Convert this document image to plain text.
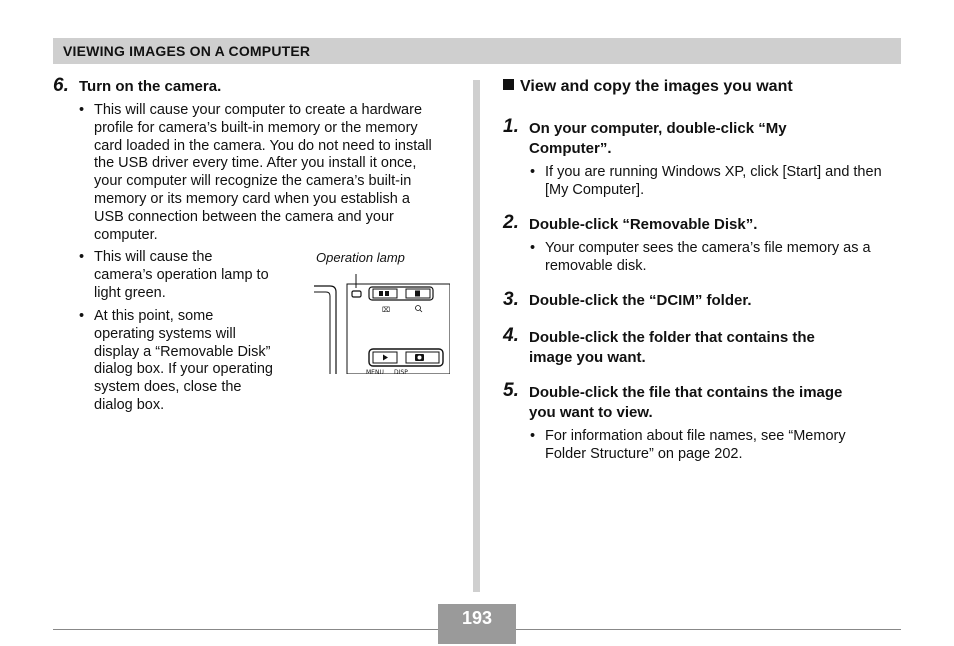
VIEWING IMAGES ON A COMPUTER
6. Turn on the camera.
• This will cause your computer to create a hardware
profile for camera’s built-in memory or the memory
card loaded in the camera. You do not need to install
the USB driver every time. After you install it once,
your computer will recognize the camera’s built-in
memory or its memory card when you establish a
USB connection between the camera and your
computer.
• This will cause the
camera’s operation lamp to
light green.
• At this point, some
operating systems will
display a “Removable Disk”
dialog box. If your operating
system does, close the
dialog box.
Operation lamp
⌧
MENU DISP
View and copy the images you want
1. On your computer, double-click “My
Computer”.
• If you are running Windows XP, click [Start] and then
[My Computer].
2. Double-click “Removable Disk”.
• Your computer sees the camera’s file memory as a
removable disk.
3. Double-click the “DCIM” folder.
4. Double-click the folder that contains the
image you want.
5. Double-click the file that contains the image
you want to view.
• For information about file names, see “Memory
Folder Structure” on page 202.
193
